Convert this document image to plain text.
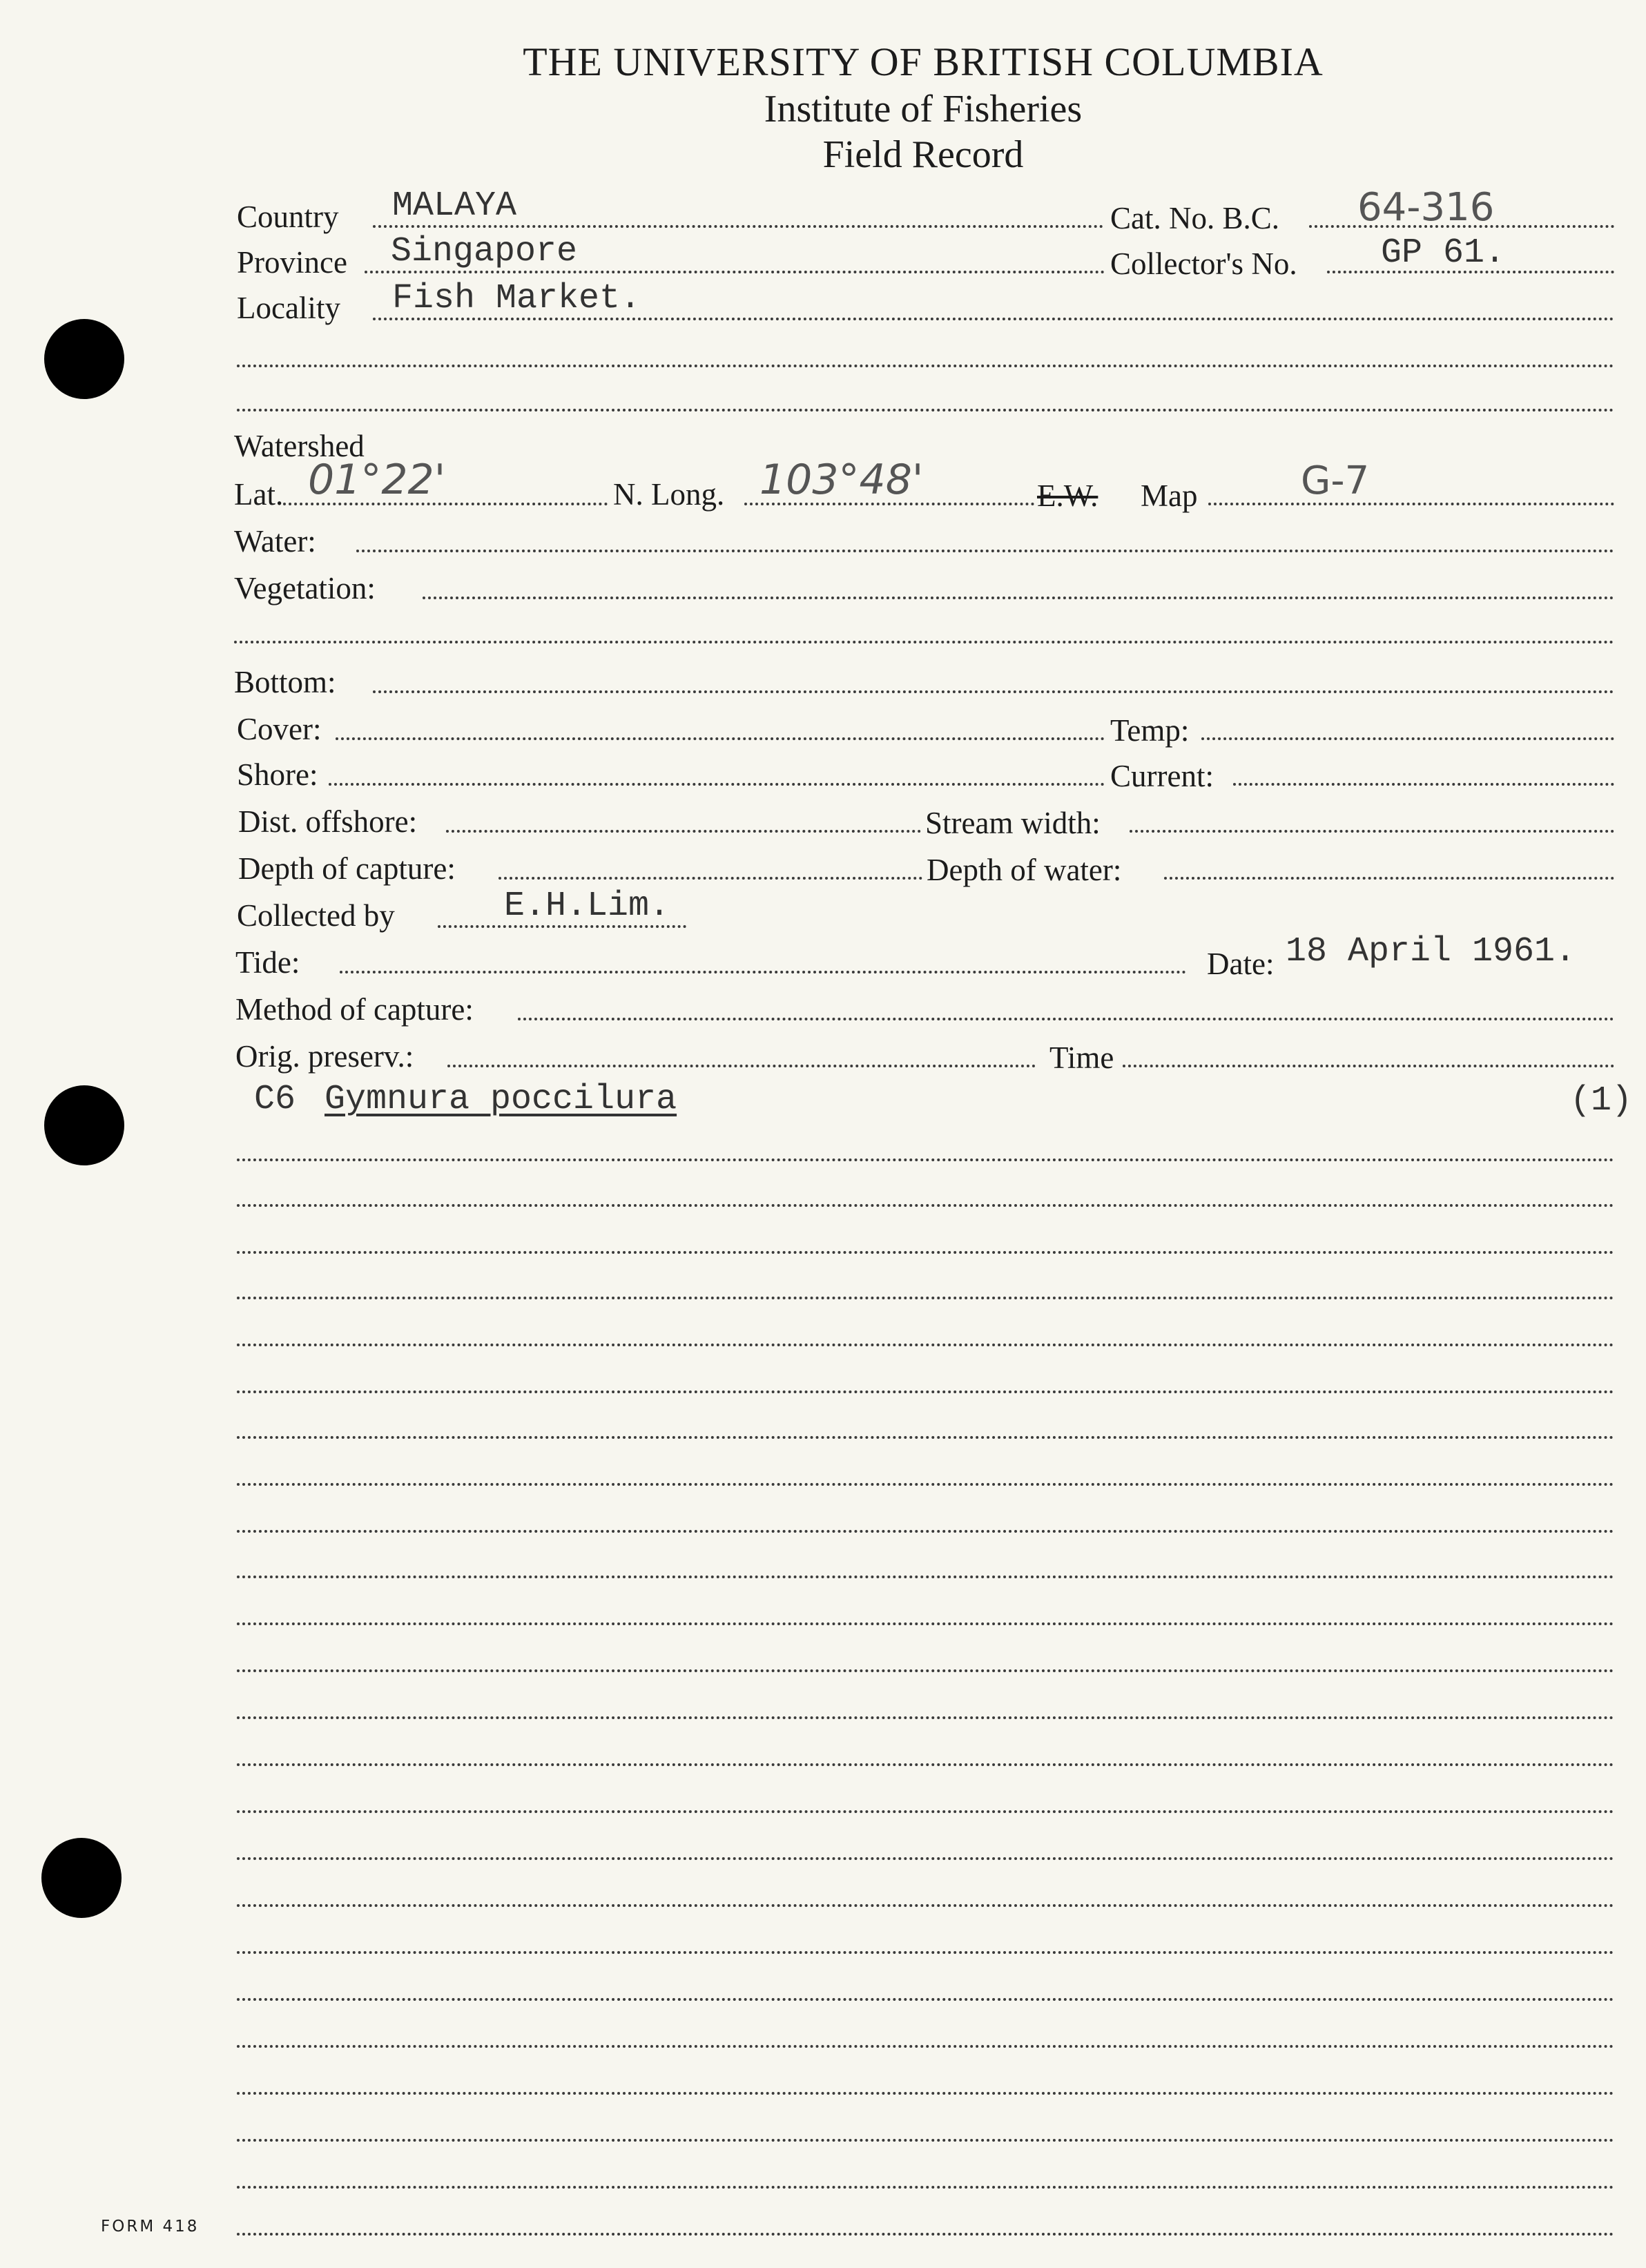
THE UNIVERSITY OF BRITISH COLUMBIA
Institute of Fisheries
Field Record
Country MALAYA	Cat. No. B.C. 64-316
Province Singapore	Collector's No. GP 61.
Locality Fish Market.
Watershed
Lat. 01°22'	N. Long. 103°48'	E.W. Map	G-7
Water:
Vegetation:
Bottom:
Cover:	Temp:
Shore:	Current:
Dist. offshore:	Stream width:
Depth of capture:	Depth of water:
Collected by	E.H.Lim.
Tide:	Date: 18 April 1961.
Method of capture:
Orig. preserv.:	Time
C6 Gymnura poccilura	(1)
FORM 418
